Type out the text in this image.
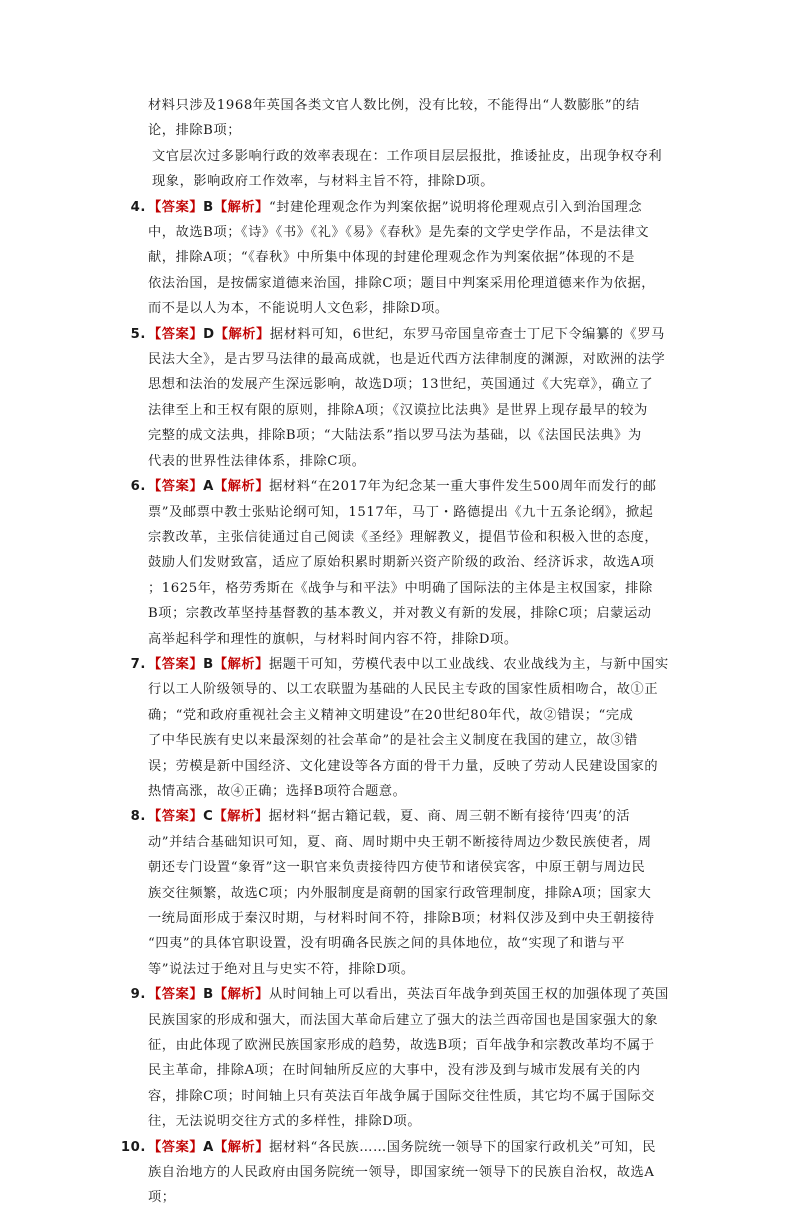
材料只涉及1968年英国各类文官人数比例，没有比较，不能得出“人数膨胀”的结
论，排除B项；
文官层次过多影响行政的效率表现在：工作项目层层报批，推诿扯皮，出现争权夺利
现象，影响政府工作效率，与材料主旨不符，排除D项。
4. 【答案】B【解析】“封建伦理观念作为判案依据”说明将伦理观点引入到治国理念
中，故选B项；《诗》《书》《礼》《易》《春秋》是先秦的文学史学作品，不是法律文
献，排除A项；“《春秋》中所集中体现的封建伦理观念作为判案依据”体现的不是
依法治国，是按儒家道德来治国，排除C项；题目中判案采用伦理道德来作为依据，
而不是以人为本，不能说明人文色彩，排除D项。
5. 【答案】D【解析】据材料可知，6世纪，东罗马帝国皇帝查士丁尼下令编纂的《罗马
民法大全》，是古罗马法律的最高成就，也是近代西方法律制度的渊源，对欧洲的法学
思想和法治的发展产生深远影响，故选D项；13世纪，英国通过《大宪章》，确立了
法律至上和王权有限的原则，排除A项；《汉谟拉比法典》是世界上现存最早的较为
完整的成文法典，排除B项；“大陆法系”指以罗马法为基础，以《法国民法典》为
代表的世界性法律体系，排除C项。
6. 【答案】A【解析】据材料“在2017年为纪念某一重大事件发生500周年而发行的邮
票”及邮票中教士张贴论纲可知，1517年，马丁・路德提出《九十五条论纲》，掀起
宗教改革，主张信徒通过自己阅读《圣经》理解教义，提倡节俭和积极入世的态度，
鼓励人们发财致富，适应了原始积累时期新兴资产阶级的政治、经济诉求，故选A项
；1625年，格劳秀斯在《战争与和平法》中明确了国际法的主体是主权国家，排除
B项；宗教改革坚持基督教的基本教义，并对教义有新的发展，排除C项；启蒙运动
高举起科学和理性的旗帜，与材料时间内容不符，排除D项。
7. 【答案】B【解析】据题干可知，劳模代表中以工业战线、农业战线为主，与新中国实
行以工人阶级领导的、以工农联盟为基础的人民民主专政的国家性质相吻合，故①正
确；“党和政府重视社会主义精神文明建设”在20世纪80年代，故②错误；“完成
了中华民族有史以来最深刻的社会革命”的是社会主义制度在我国的建立，故③错
误；劳模是新中国经济、文化建设等各方面的骨干力量，反映了劳动人民建设国家的
热情高涨，故④正确；选择B项符合题意。
8. 【答案】C【解析】据材料“据古籍记载，夏、商、周三朝不断有接待‘四夷’的活
动”并结合基础知识可知，夏、商、周时期中央王朝不断接待周边少数民族使者，周
朝还专门设置“象胥”这一职官来负责接待四方使节和诸侯宾客，中原王朝与周边民
族交往频繁，故选C项；内外服制度是商朝的国家行政管理制度，排除A项；国家大
一统局面形成于秦汉时期，与材料时间不符，排除B项；材料仅涉及到中央王朝接待
“四夷”的具体官职设置，没有明确各民族之间的具体地位，故“实现了和谐与平
等”说法过于绝对且与史实不符，排除D项。
9. 【答案】B【解析】从时间轴上可以看出，英法百年战争到英国王权的加强体现了英国
民族国家的形成和强大，而法国大革命后建立了强大的法兰西帝国也是国家强大的象
征，由此体现了欧洲民族国家形成的趋势，故选B项；百年战争和宗教改革均不属于
民主革命，排除A项；在时间轴所反应的大事中，没有涉及到与城市发展有关的内
容，排除C项；时间轴上只有英法百年战争属于国际交往性质，其它均不属于国际交
往，无法说明交往方式的多样性，排除D项。
10. 【答案】A【解析】据材料“各民族……国务院统一领导下的国家行政机关”可知，民
族自治地方的人民政府由国务院统一领导，即国家统一领导下的民族自治权，故选A
项；
